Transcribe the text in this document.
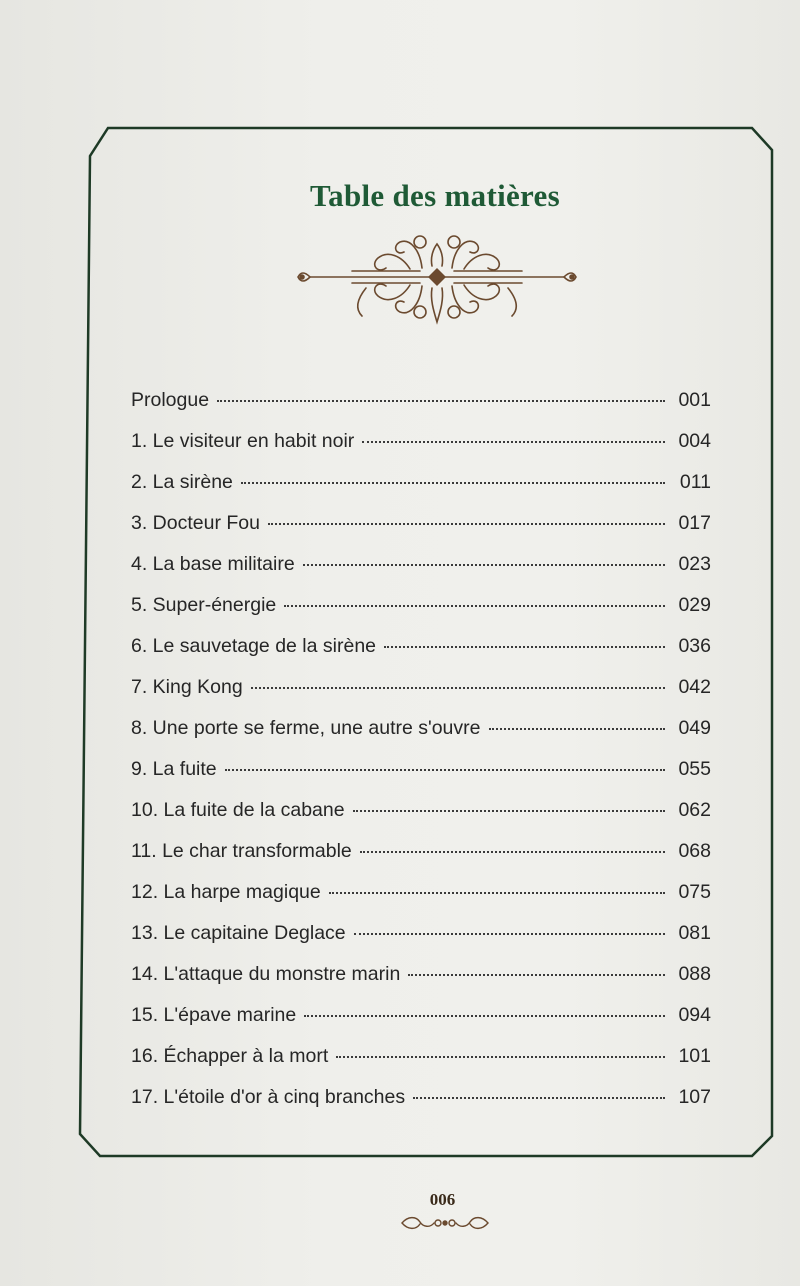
Table des matières
Prologue	001
1. Le visiteur en habit noir	004
2. La sirène	011
3. Docteur Fou	017
4. La base militaire	023
5. Super-énergie	029
6. Le sauvetage de la sirène	036
7. King Kong	042
8. Une porte se ferme, une autre s'ouvre	049
9. La fuite	055
10. La fuite de la cabane	062
11. Le char transformable	068
12. La harpe magique	075
13. Le capitaine Deglace	081
14. L'attaque du monstre marin	088
15. L'épave marine	094
16. Échapper à la mort	101
17. L'étoile d'or à cinq branches	107
006
